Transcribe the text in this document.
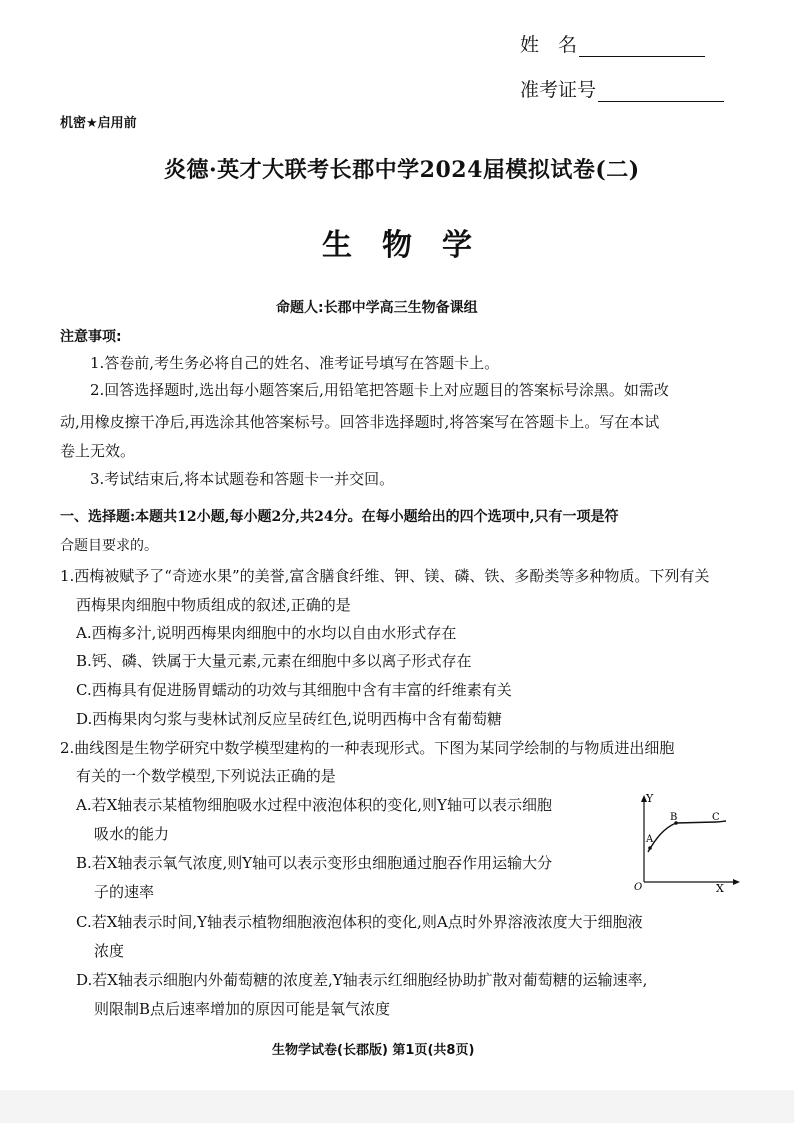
姓　名
准考证号
机密★启用前
炎德·英才大联考长郡中学2024届模拟试卷(二)
生　物　学
命题人:长郡中学高三生物备课组
注意事项:
1.答卷前,考生务必将自己的姓名、准考证号填写在答题卡上。
2.回答选择题时,选出每小题答案后,用铅笔把答题卡上对应题目的答案标号涂黑。如需改
动,用橡皮擦干净后,再选涂其他答案标号。回答非选择题时,将答案写在答题卡上。写在本试
卷上无效。
3.考试结束后,将本试题卷和答题卡一并交回。
一、选择题:本题共12小题,每小题2分,共24分。在每小题给出的四个选项中,只有一项是符
合题目要求的。
1.西梅被赋予了“奇迹水果”的美誉,富含膳食纤维、钾、镁、磷、铁、多酚类等多种物质。下列有关
西梅果肉细胞中物质组成的叙述,正确的是
A.西梅多汁,说明西梅果肉细胞中的水均以自由水形式存在
B.钙、磷、铁属于大量元素,元素在细胞中多以离子形式存在
C.西梅具有促进肠胃蠕动的功效与其细胞中含有丰富的纤维素有关
D.西梅果肉匀浆与斐林试剂反应呈砖红色,说明西梅中含有葡萄糖
2.曲线图是生物学研究中数学模型建构的一种表现形式。下图为某同学绘制的与物质进出细胞
有关的一个数学模型,下列说法正确的是
A.若X轴表示某植物细胞吸水过程中液泡体积的变化,则Y轴可以表示细胞
吸水的能力
B.若X轴表示氧气浓度,则Y轴可以表示变形虫细胞通过胞吞作用运输大分
子的速率
C.若X轴表示时间,Y轴表示植物细胞液泡体积的变化,则A点时外界溶液浓度大于细胞液
浓度
D.若X轴表示细胞内外葡萄糖的浓度差,Y轴表示红细胞经协助扩散对葡萄糖的运输速率,
则限制B点后速率增加的原因可能是氧气浓度
Y
X
O
A
B	C
生物学试卷(长郡版) 第1页(共8页)
